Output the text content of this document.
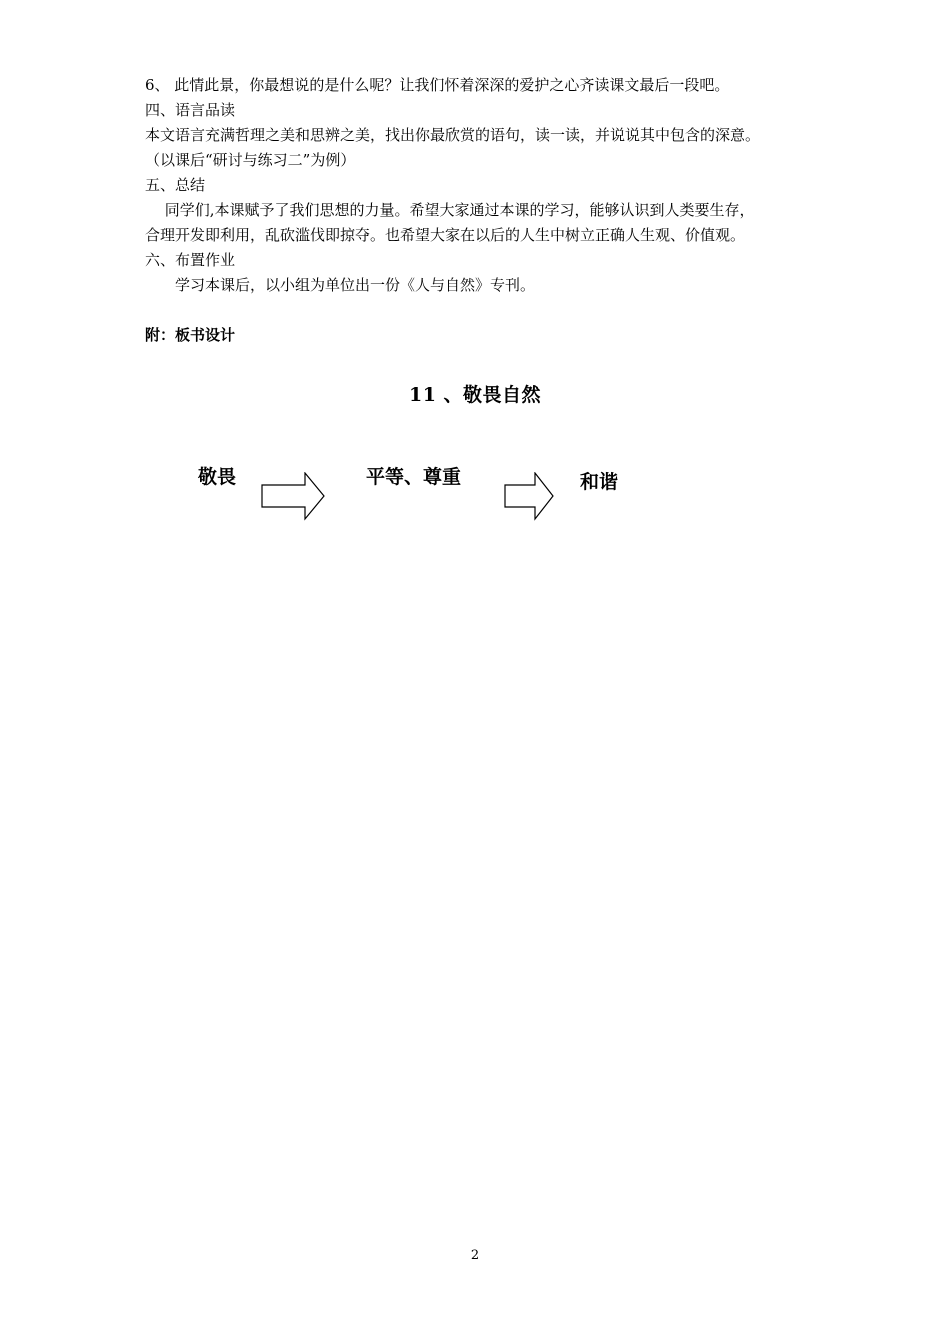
6、 此情此景，你最想说的是什么呢？让我们怀着深深的爱护之心齐读课文最后一段吧。
四、语言品读
本文语言充满哲理之美和思辨之美，找出你最欣赏的语句，读一读，并说说其中包含的深意。
（以课后“研讨与练习二”为例）
五、总结
　 同学们,本课赋予了我们思想的力量。希望大家通过本课的学习，能够认识到人类要生存，
合理开发即利用，乱砍滥伐即掠夺。也希望大家在以后的人生中树立正确人生观、价值观。
六、布置作业
　　学习本课后，以小组为单位出一份《人与自然》专刊。
附：板书设计
11 、敬畏自然
敬畏	平等、尊重	和谐
2
